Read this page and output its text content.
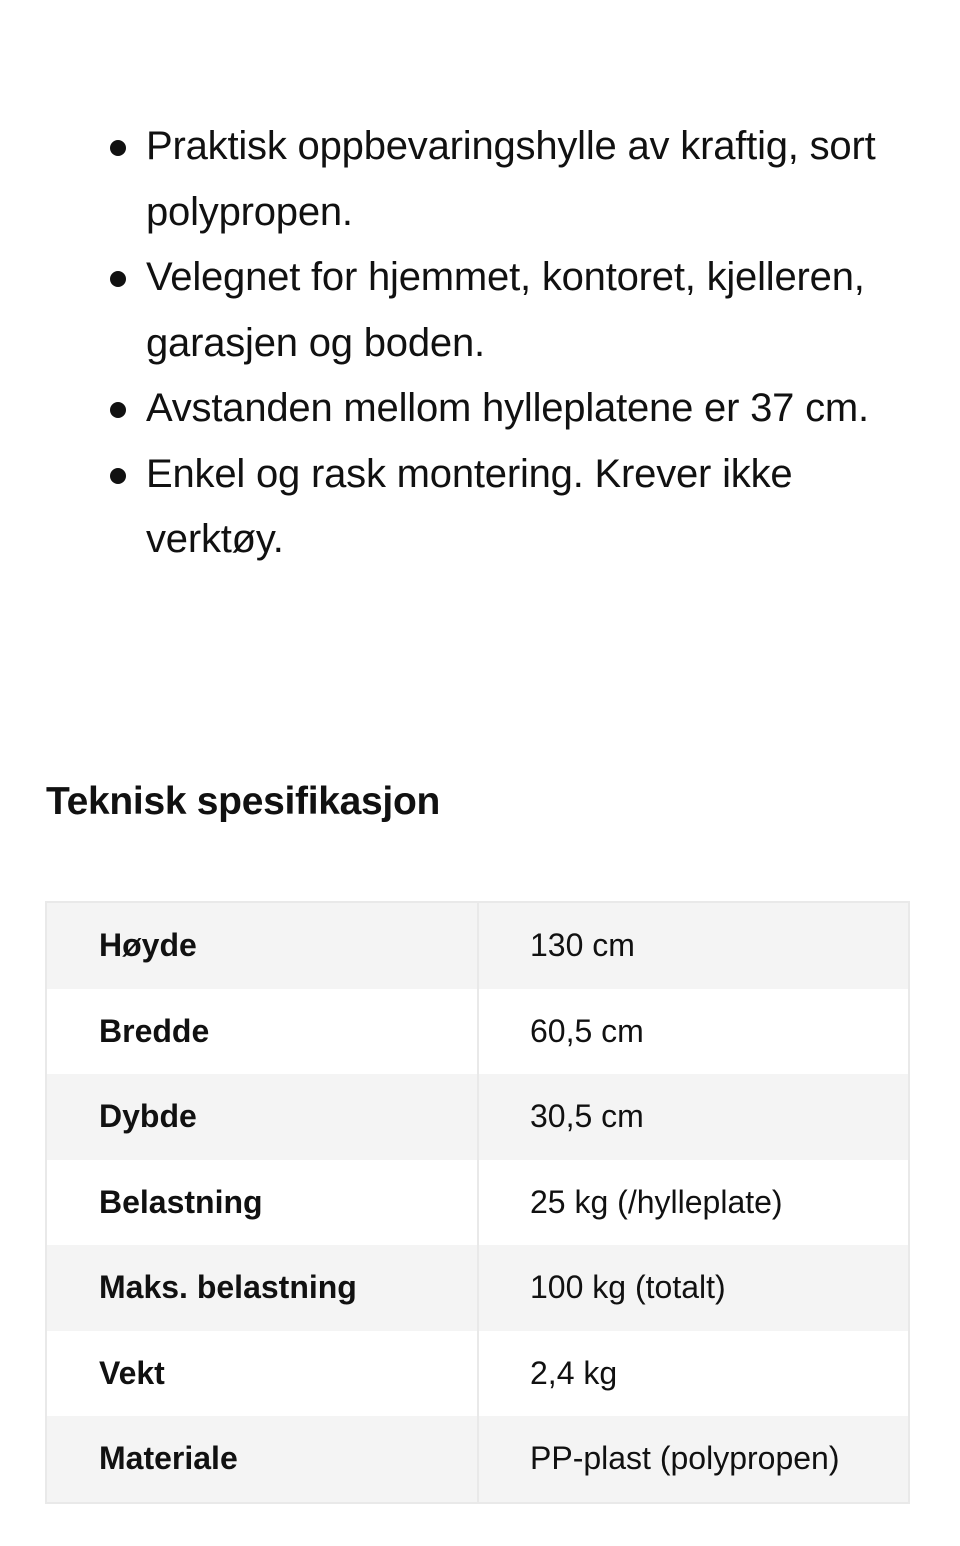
Praktisk oppbevaringshylle av kraftig, sort polypropen.
Velegnet for hjemmet, kontoret, kjelleren, garasjen og boden.
Avstanden mellom hylleplatene er 37 cm.
Enkel og rask montering. Krever ikke verktøy.
Teknisk spesifikasjon
Høyde	130 cm
Bredde	60,5 cm
Dybde	30,5 cm
Belastning	25 kg (/hylleplate)
Maks. belastning	100 kg (totalt)
Vekt	2,4 kg
Materiale	PP-plast (polypropen)
